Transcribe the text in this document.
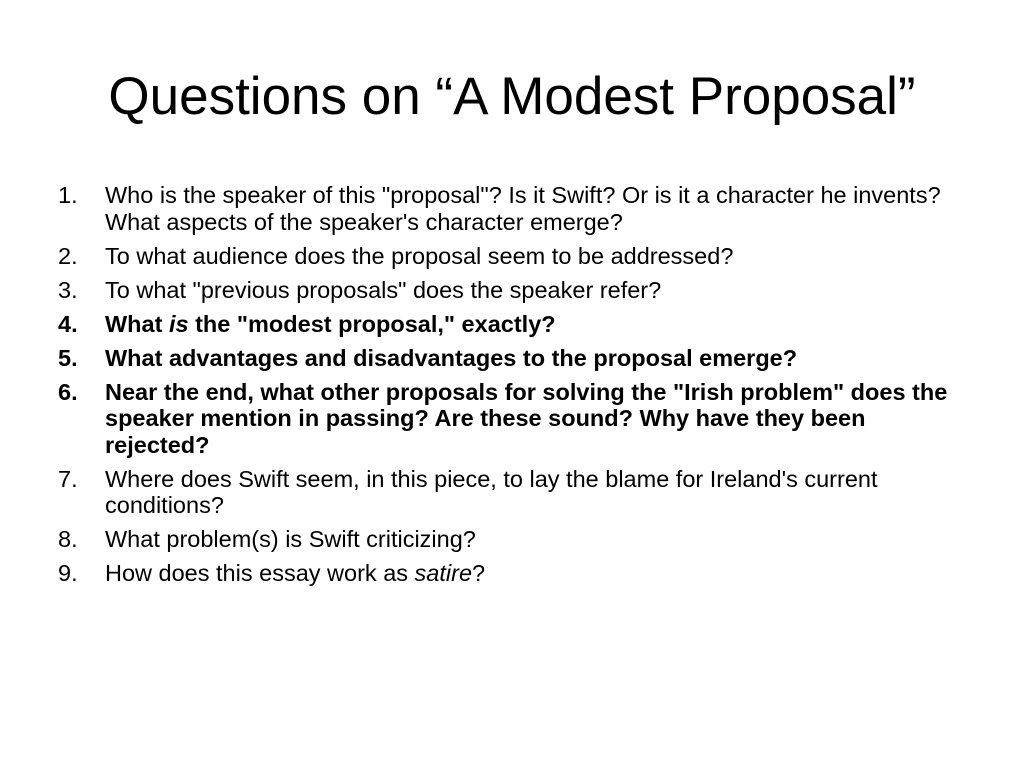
Questions on “A Modest Proposal”
1.	Who is the speaker of this "proposal"? Is it Swift? Or is it a character he invents? What aspects of the speaker's character emerge?
2.	To what audience does the proposal seem to be addressed?
3.	To what "previous proposals" does the speaker refer?
4.	What is the "modest proposal," exactly?
5.	What advantages and disadvantages to the proposal emerge?
6.	Near the end, what other proposals for solving the "Irish problem" does the speaker mention in passing? Are these sound? Why have they been rejected?
7.	Where does Swift seem, in this piece, to lay the blame for Ireland's current conditions?
8.	What problem(s) is Swift criticizing?
9.	How does this essay work as satire?
